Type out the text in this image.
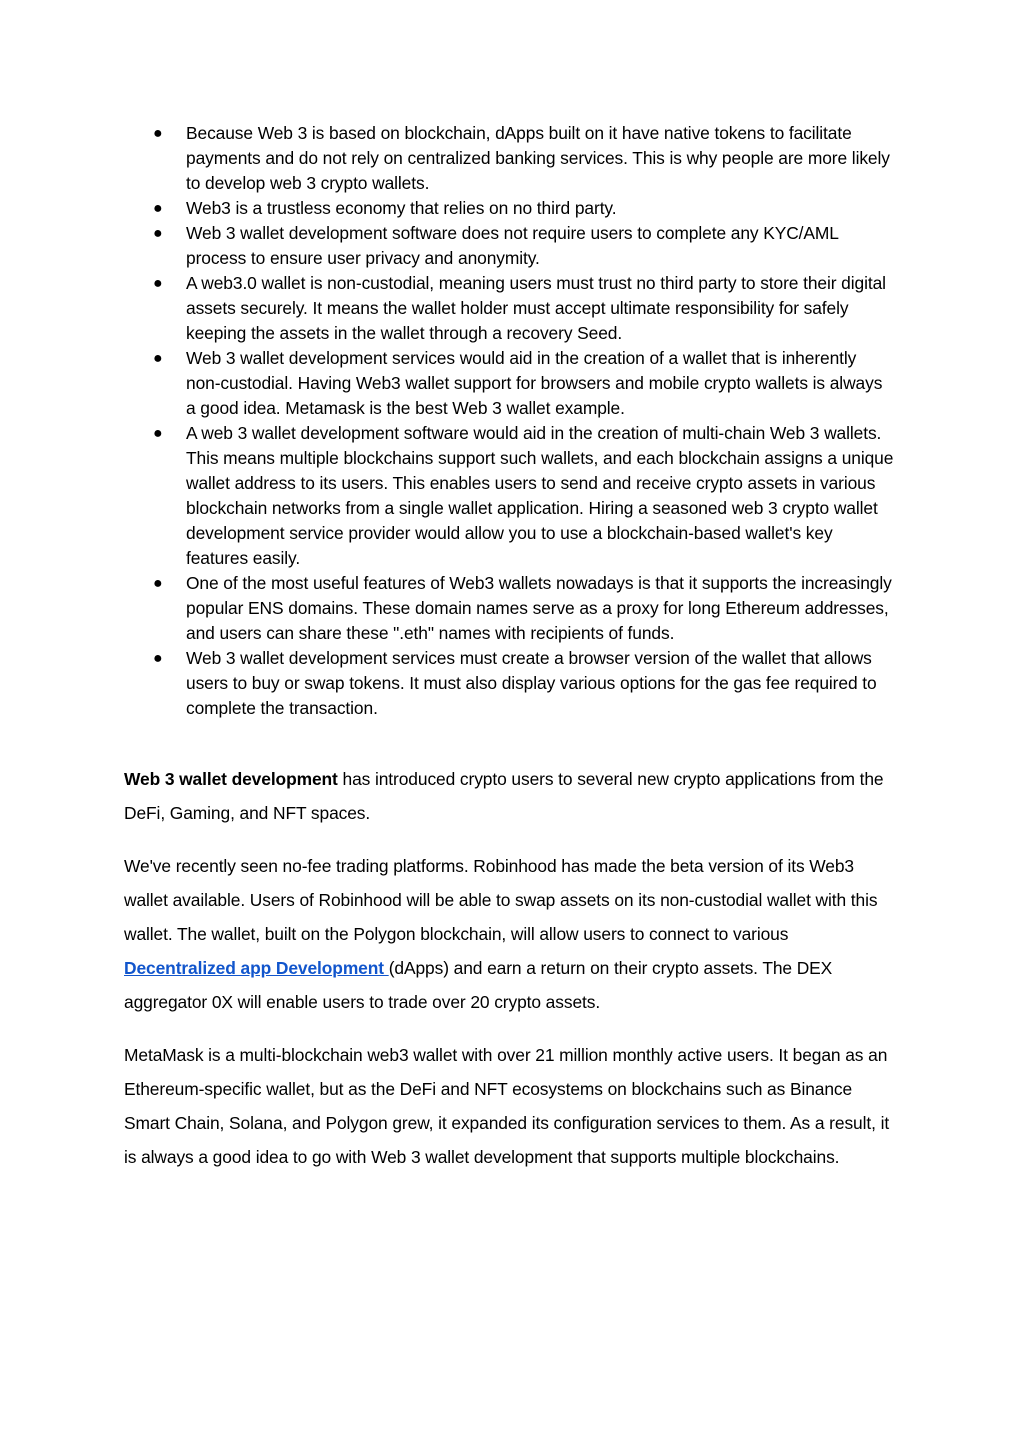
● Because Web 3 is based on blockchain, dApps built on it have native tokens to facilitate payments and do not rely on centralized banking services. This is why people are more likely to develop web 3 crypto wallets.
● Web3 is a trustless economy that relies on no third party.
● Web 3 wallet development software does not require users to complete any KYC/AML process to ensure user privacy and anonymity.
● A web3.0 wallet is non-custodial, meaning users must trust no third party to store their digital assets securely. It means the wallet holder must accept ultimate responsibility for safely keeping the assets in the wallet through a recovery Seed.
● Web 3 wallet development services would aid in the creation of a wallet that is inherently non-custodial. Having Web3 wallet support for browsers and mobile crypto wallets is always a good idea. Metamask is the best Web 3 wallet example.
● A web 3 wallet development software would aid in the creation of multi-chain Web 3 wallets. This means multiple blockchains support such wallets, and each blockchain assigns a unique wallet address to its users. This enables users to send and receive crypto assets in various blockchain networks from a single wallet application. Hiring a seasoned web 3 crypto wallet development service provider would allow you to use a blockchain-based wallet's key features easily.
● One of the most useful features of Web3 wallets nowadays is that it supports the increasingly popular ENS domains. These domain names serve as a proxy for long Ethereum addresses, and users can share these ".eth" names with recipients of funds.
● Web 3 wallet development services must create a browser version of the wallet that allows users to buy or swap tokens. It must also display various options for the gas fee required to complete the transaction.

Web 3 wallet development has introduced crypto users to several new crypto applications from the DeFi, Gaming, and NFT spaces.

We've recently seen no-fee trading platforms. Robinhood has made the beta version of its Web3 wallet available. Users of Robinhood will be able to swap assets on its non-custodial wallet with this wallet. The wallet, built on the Polygon blockchain, will allow users to connect to various Decentralized app Development (dApps) and earn a return on their crypto assets. The DEX aggregator 0X will enable users to trade over 20 crypto assets.

MetaMask is a multi-blockchain web3 wallet with over 21 million monthly active users. It began as an Ethereum-specific wallet, but as the DeFi and NFT ecosystems on blockchains such as Binance Smart Chain, Solana, and Polygon grew, it expanded its configuration services to them. As a result, it is always a good idea to go with Web 3 wallet development that supports multiple blockchains.
